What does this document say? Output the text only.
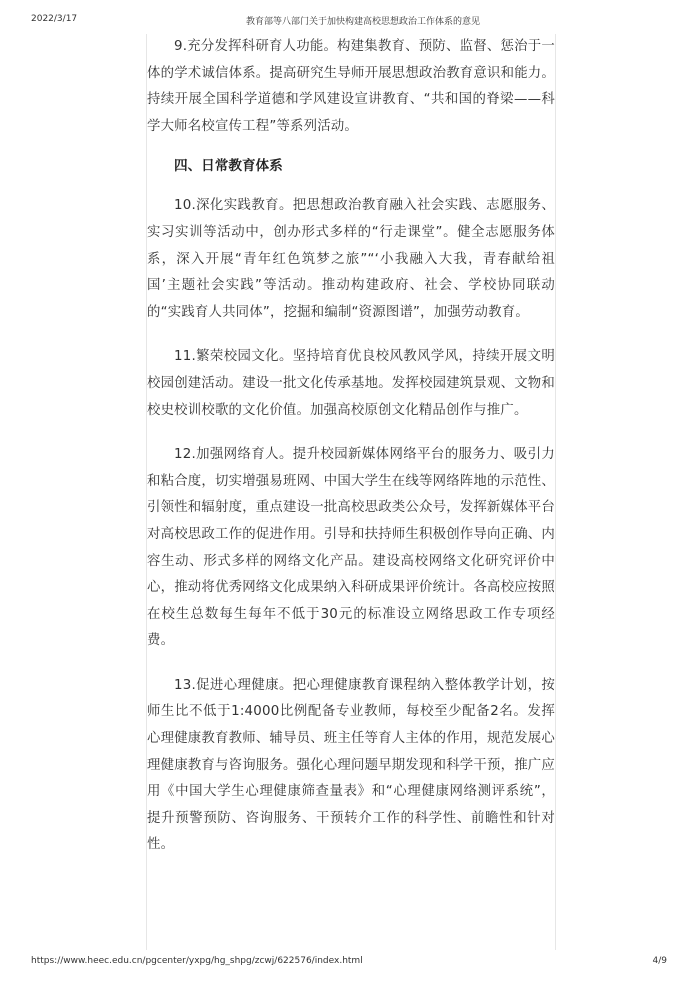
2022/3/17	教育部等八部门关于加快构建高校思想政治工作体系的意见

9.充分发挥科研育人功能。构建集教育、预防、监督、惩治于一体的学术诚信体系。提高研究生导师开展思想政治教育意识和能力。持续开展全国科学道德和学风建设宣讲教育、“共和国的脊梁——科学大师名校宣传工程”等系列活动。

四、日常教育体系

10.深化实践教育。把思想政治教育融入社会实践、志愿服务、实习实训等活动中，创办形式多样的“行走课堂”。健全志愿服务体系，深入开展“青年红色筑梦之旅”“‘小我融入大我，青春献给祖国’主题社会实践”等活动。推动构建政府、社会、学校协同联动的“实践育人共同体”，挖掘和编制“资源图谱”，加强劳动教育。

11.繁荣校园文化。坚持培育优良校风教风学风，持续开展文明校园创建活动。建设一批文化传承基地。发挥校园建筑景观、文物和校史校训校歌的文化价值。加强高校原创文化精品创作与推广。

12.加强网络育人。提升校园新媒体网络平台的服务力、吸引力和粘合度，切实增强易班网、中国大学生在线等网络阵地的示范性、引领性和辐射度，重点建设一批高校思政类公众号，发挥新媒体平台对高校思政工作的促进作用。引导和扶持师生积极创作导向正确、内容生动、形式多样的网络文化产品。建设高校网络文化研究评价中心，推动将优秀网络文化成果纳入科研成果评价统计。各高校应按照在校生总数每生每年不低于30元的标准设立网络思政工作专项经费。

13.促进心理健康。把心理健康教育课程纳入整体教学计划，按师生比不低于1:4000比例配备专业教师，每校至少配备2名。发挥心理健康教育教师、辅导员、班主任等育人主体的作用，规范发展心理健康教育与咨询服务。强化心理问题早期发现和科学干预，推广应用《中国大学生心理健康筛查量表》和“心理健康网络测评系统”，提升预警预防、咨询服务、干预转介工作的科学性、前瞻性和针对性。

https://www.heec.edu.cn/pgcenter/yxpg/hg_shpg/zcwj/622576/index.html	4/9
